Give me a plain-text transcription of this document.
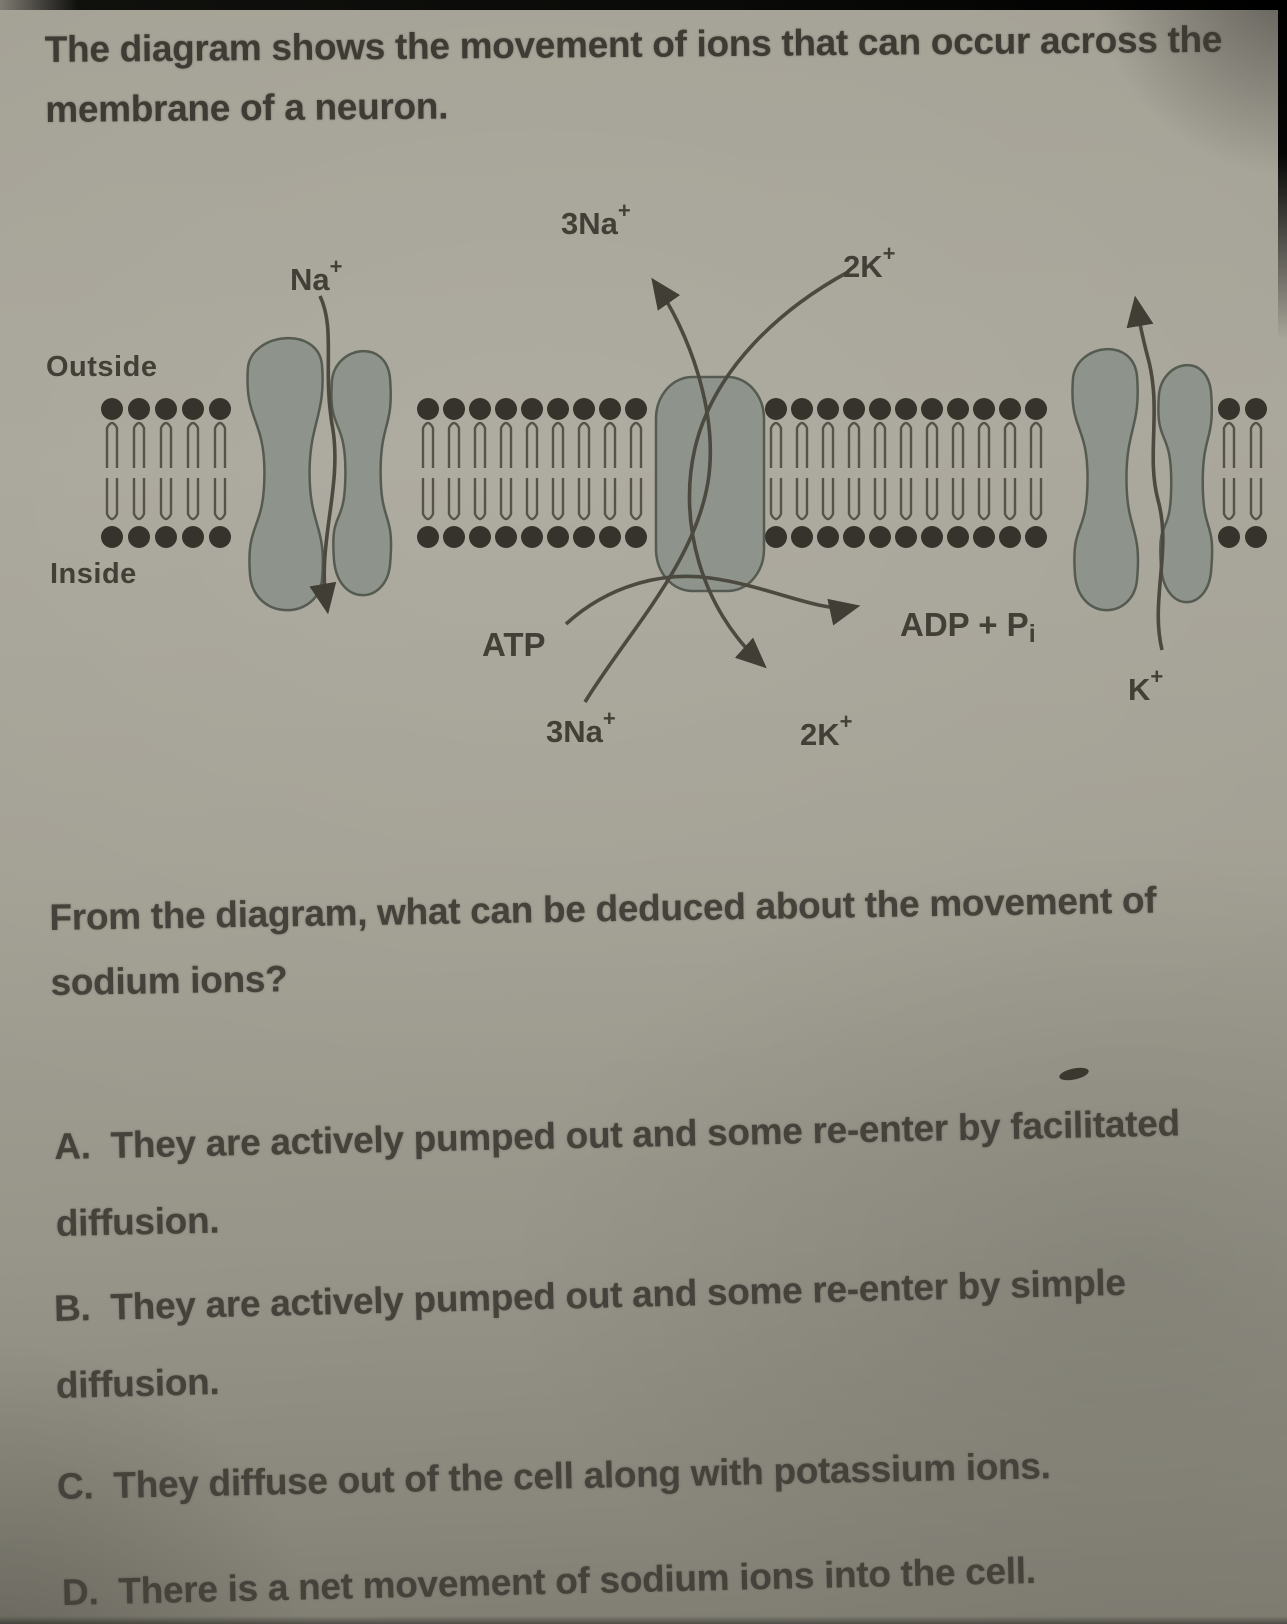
The diagram shows the movement of ions that can occur across the
membrane of a neuron.
Outside
Inside
Na+
3Na+
2K+
ATP
ADP + Pi
3Na+	2K+
K+
From the diagram, what can be deduced about the movement of
sodium ions?
A. They are actively pumped out and some re-enter by facilitated
diffusion.
B. They are actively pumped out and some re-enter by simple
diffusion.
C. They diffuse out of the cell along with potassium ions.
D. There is a net movement of sodium ions into the cell.
